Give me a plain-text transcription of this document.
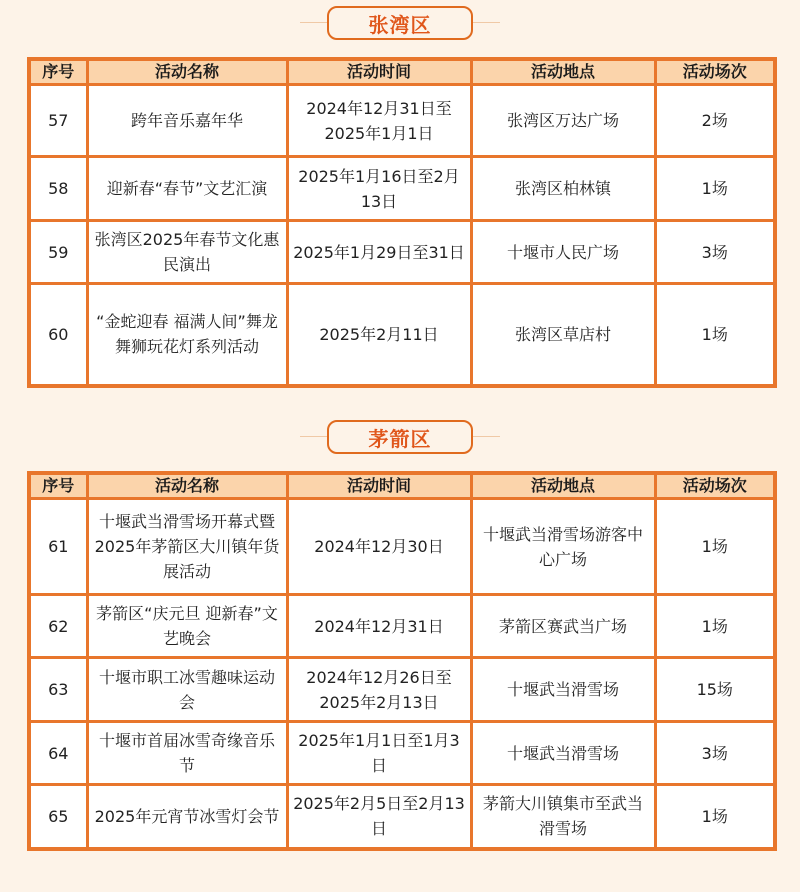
张湾区
序号	活动名称	活动时间	活动地点	活动场次
57	跨年音乐嘉年华	2024年12月31日至2025年1月1日	张湾区万达广场	2场
58	迎新春“春节”文艺汇演	2025年1月16日至2月13日	张湾区柏林镇	1场
59	张湾区2025年春节文化惠民演出	2025年1月29日至31日	十堰市人民广场	3场
60	“金蛇迎春 福满人间”舞龙舞狮玩花灯系列活动	2025年2月11日	张湾区草店村	1场
茅箭区
序号	活动名称	活动时间	活动地点	活动场次
61	十堰武当滑雪场开幕式暨2025年茅箭区大川镇年货展活动	2024年12月30日	十堰武当滑雪场游客中心广场	1场
62	茅箭区“庆元旦 迎新春”文艺晚会	2024年12月31日	茅箭区赛武当广场	1场
63	十堰市职工冰雪趣味运动会	2024年12月26日至2025年2月13日	十堰武当滑雪场	15场
64	十堰市首届冰雪奇缘音乐节	2025年1月1日至1月3日	十堰武当滑雪场	3场
65	2025年元宵节冰雪灯会节	2025年2月5日至2月13日	茅箭大川镇集市至武当滑雪场	1场
